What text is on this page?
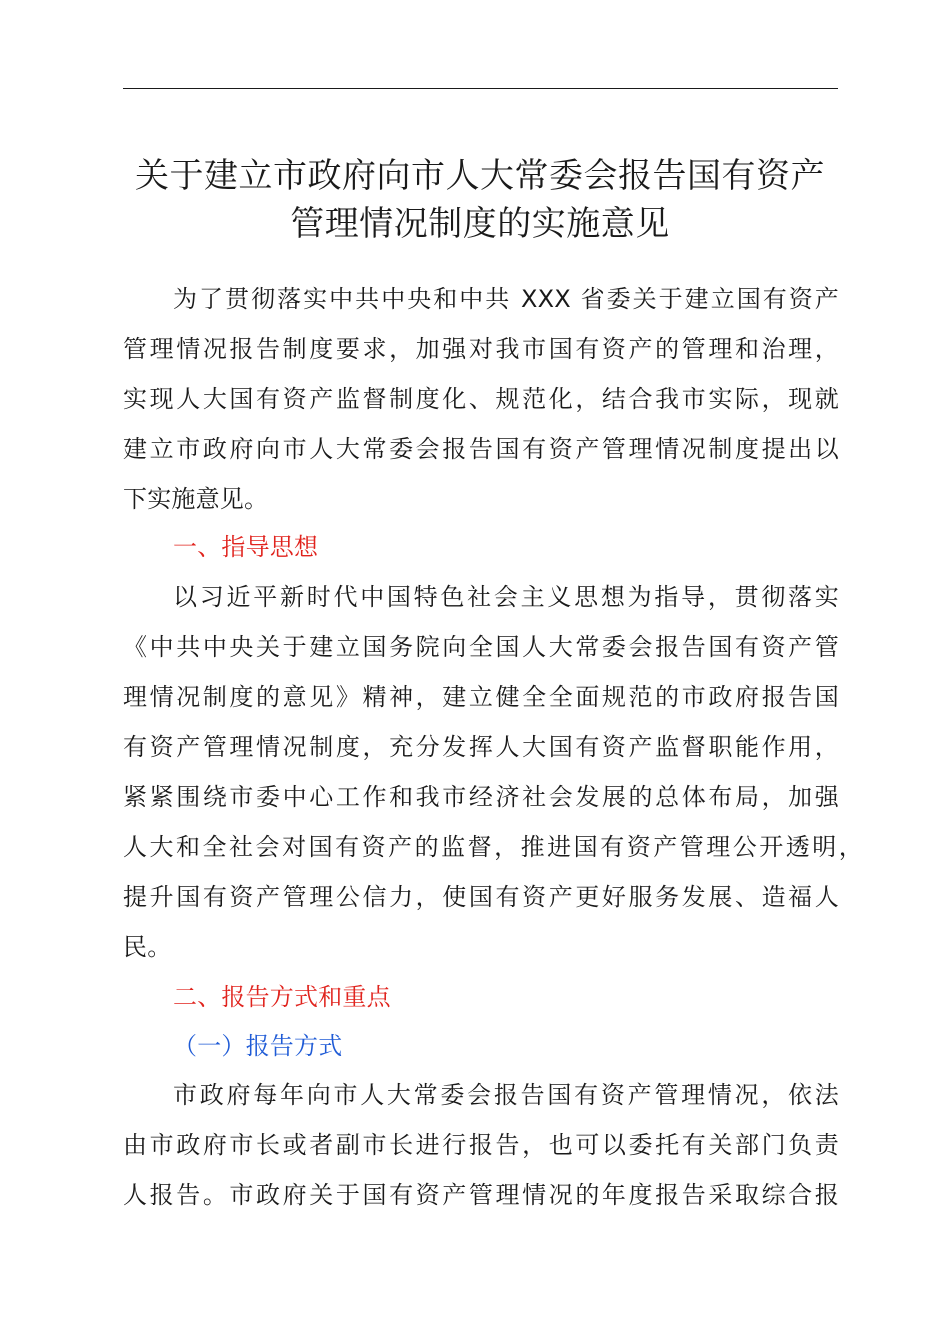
关于建立市政府向市人大常委会报告国有资产
管理情况制度的实施意见
为了贯彻落实中共中央和中共 XXX 省委关于建立国有资产
管理情况报告制度要求，加强对我市国有资产的管理和治理，
实现人大国有资产监督制度化、规范化，结合我市实际，现就
建立市政府向市人大常委会报告国有资产管理情况制度提出以
下实施意见。
一、指导思想
以习近平新时代中国特色社会主义思想为指导，贯彻落实
《中共中央关于建立国务院向全国人大常委会报告国有资产管
理情况制度的意见》精神，建立健全全面规范的市政府报告国
有资产管理情况制度，充分发挥人大国有资产监督职能作用，
紧紧围绕市委中心工作和我市经济社会发展的总体布局，加强
人大和全社会对国有资产的监督，推进国有资产管理公开透明，
提升国有资产管理公信力，使国有资产更好服务发展、造福人
民。
二、报告方式和重点
（一）报告方式
市政府每年向市人大常委会报告国有资产管理情况，依法
由市政府市长或者副市长进行报告，也可以委托有关部门负责
人报告。市政府关于国有资产管理情况的年度报告采取综合报
